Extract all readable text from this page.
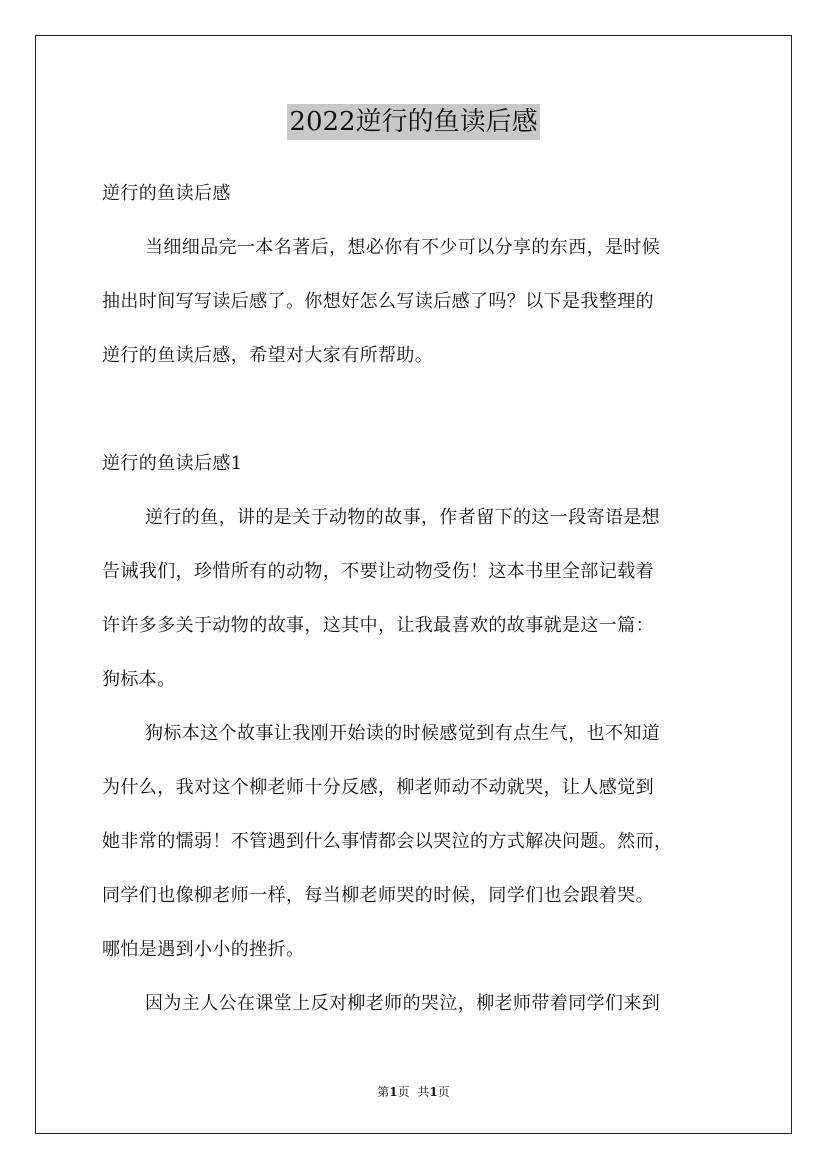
2022逆行的鱼读后感
逆行的鱼读后感
当细细品完一本名著后，想必你有不少可以分享的东西，是时候
抽出时间写写读后感了。你想好怎么写读后感了吗？以下是我整理的
逆行的鱼读后感，希望对大家有所帮助。
逆行的鱼读后感1
逆行的鱼，讲的是关于动物的故事，作者留下的这一段寄语是想
告诫我们，珍惜所有的动物，不要让动物受伤！这本书里全部记载着
许许多多关于动物的故事，这其中，让我最喜欢的故事就是这一篇：
狗标本。
狗标本这个故事让我刚开始读的时候感觉到有点生气，也不知道
为什么，我对这个柳老师十分反感，柳老师动不动就哭，让人感觉到
她非常的懦弱！不管遇到什么事情都会以哭泣的方式解决问题。然而，
同学们也像柳老师一样，每当柳老师哭的时候，同学们也会跟着哭。
哪怕是遇到小小的挫折。
因为主人公在课堂上反对柳老师的哭泣，柳老师带着同学们来到
第1页 共1页
